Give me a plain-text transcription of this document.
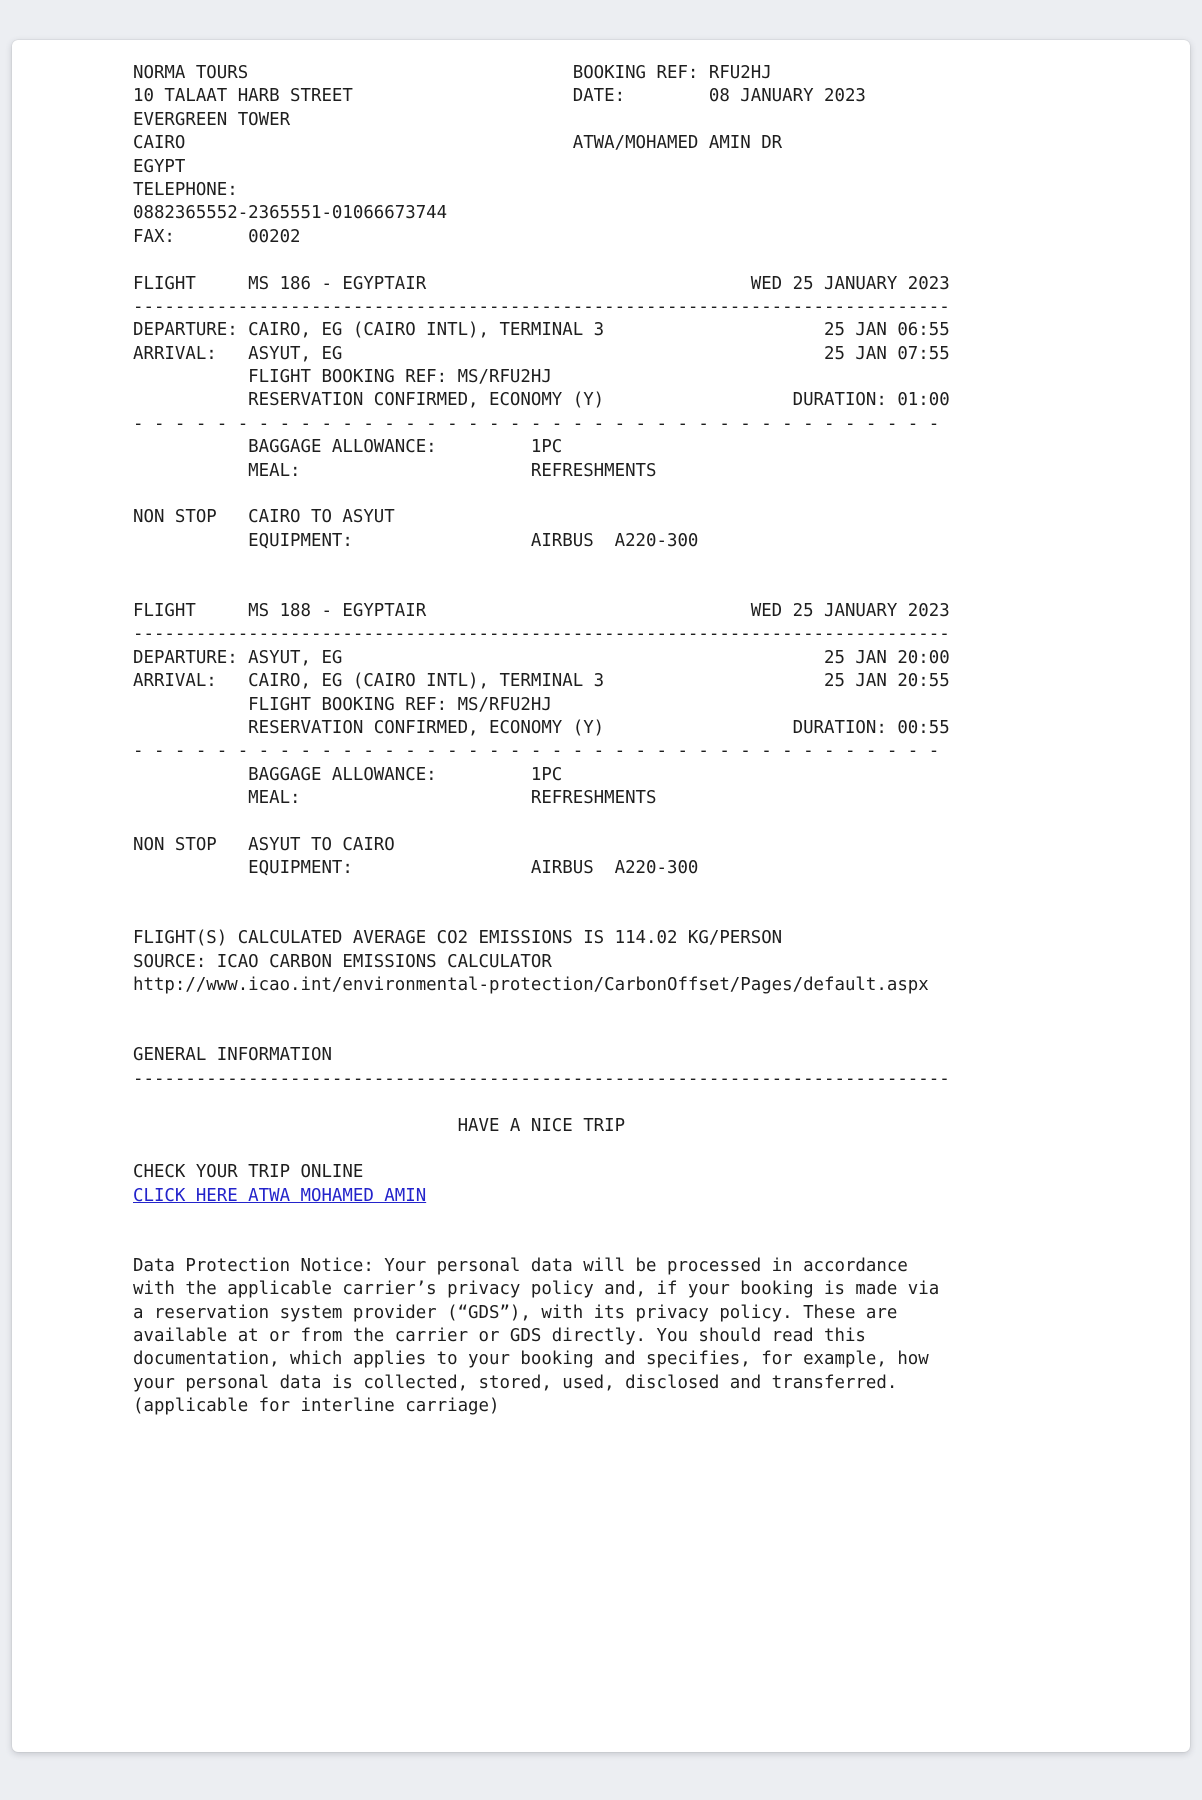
NORMA TOURS                               BOOKING REF: RFU2HJ
10 TALAAT HARB STREET                     DATE:        08 JANUARY 2023
EVERGREEN TOWER
CAIRO                                     ATWA/MOHAMED AMIN DR
EGYPT
TELEPHONE:
0882365552-2365551-01066673744
FAX:       00202
FLIGHT     MS 186 - EGYPTAIR                               WED 25 JANUARY 2023
------------------------------------------------------------------------------
DEPARTURE: CAIRO, EG (CAIRO INTL), TERMINAL 3                     25 JAN 06:55
ARRIVAL:   ASYUT, EG                                              25 JAN 07:55
FLIGHT BOOKING REF: MS/RFU2HJ
RESERVATION CONFIRMED, ECONOMY (Y)                  DURATION: 01:00
- - - - - - - - - - - - - - - - - - - - - - - - - - - - - - - - - - - - - - -
BAGGAGE ALLOWANCE:         1PC
MEAL:                      REFRESHMENTS
NON STOP   CAIRO TO ASYUT
EQUIPMENT:                 AIRBUS  A220-300
FLIGHT     MS 188 - EGYPTAIR                               WED 25 JANUARY 2023
------------------------------------------------------------------------------
DEPARTURE: ASYUT, EG                                              25 JAN 20:00
ARRIVAL:   CAIRO, EG (CAIRO INTL), TERMINAL 3                     25 JAN 20:55
FLIGHT BOOKING REF: MS/RFU2HJ
RESERVATION CONFIRMED, ECONOMY (Y)                  DURATION: 00:55
- - - - - - - - - - - - - - - - - - - - - - - - - - - - - - - - - - - - - - -
BAGGAGE ALLOWANCE:         1PC
MEAL:                      REFRESHMENTS
NON STOP   ASYUT TO CAIRO
EQUIPMENT:                 AIRBUS  A220-300
FLIGHT(S) CALCULATED AVERAGE CO2 EMISSIONS IS 114.02 KG/PERSON
SOURCE: ICAO CARBON EMISSIONS CALCULATOR
http://www.icao.int/environmental-protection/CarbonOffset/Pages/default.aspx
GENERAL INFORMATION
------------------------------------------------------------------------------
HAVE A NICE TRIP
CHECK YOUR TRIP ONLINE
CLICK HERE ATWA MOHAMED AMIN
Data Protection Notice: Your personal data will be processed in accordance
with the applicable carrier’s privacy policy and, if your booking is made via
a reservation system provider (“GDS”), with its privacy policy. These are
available at or from the carrier or GDS directly. You should read this
documentation, which applies to your booking and specifies, for example, how
your personal data is collected, stored, used, disclosed and transferred.
(applicable for interline carriage)
